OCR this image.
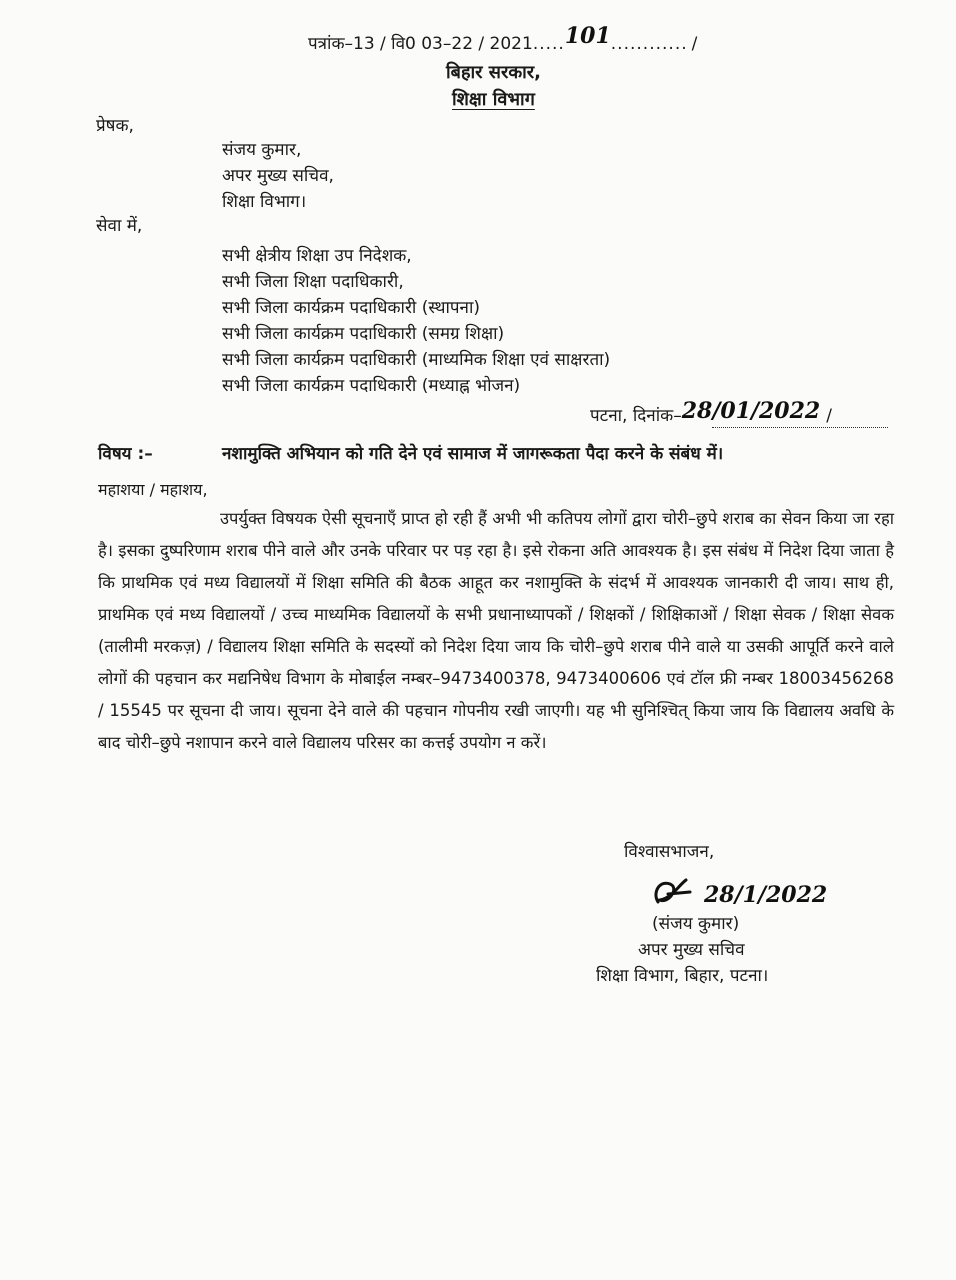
पत्रांक–13 / वि0 03–22 / 2021.....101............ /
बिहार सरकार,
शिक्षा विभाग
प्रेषक,
संजय कुमार,
अपर मुख्य सचिव,
शिक्षा विभाग।
सेवा में,
सभी क्षेत्रीय शिक्षा उप निदेशक,
सभी जिला शिक्षा पदाधिकारी,
सभी जिला कार्यक्रम पदाधिकारी (स्थापना)
सभी जिला कार्यक्रम पदाधिकारी (समग्र शिक्षा)
सभी जिला कार्यक्रम पदाधिकारी (माध्यमिक शिक्षा एवं साक्षरता)
सभी जिला कार्यक्रम पदाधिकारी (मध्याह्न भोजन)
पटना, दिनांक–28/01/2022 /
विषय :–	नशामुक्ति अभियान को गति देने एवं सामाज में जागरूकता पैदा करने के संबंध में।
महाशया / महाशय,
उपर्युक्त विषयक ऐसी सूचनाएँ प्राप्त हो रही हैं अभी भी कतिपय लोगों द्वारा चोरी–छुपे शराब का सेवन किया जा रहा है। इसका दुष्परिणाम शराब पीने वाले और उनके परिवार पर पड़ रहा है। इसे रोकना अति आवश्यक है। इस संबंध में निदेश दिया जाता है कि प्राथमिक एवं मध्य विद्यालयों में शिक्षा समिति की बैठक आहूत कर नशामुक्ति के संदर्भ में आवश्यक जानकारी दी जाय। साथ ही, प्राथमिक एवं मध्य विद्यालयों / उच्च माध्यमिक विद्यालयों के सभी प्रधानाध्यापकों / शिक्षकों / शिक्षिकाओं / शिक्षा सेवक / शिक्षा सेवक (तालीमी मरकज़) / विद्यालय शिक्षा समिति के सदस्यों को निदेश दिया जाय कि चोरी–छुपे शराब पीने वाले या उसकी आपूर्ति करने वाले लोगों की पहचान कर मद्यनिषेध विभाग के मोबाईल नम्बर–9473400378, 9473400606 एवं टॉल फ्री नम्बर 18003456268 / 15545 पर सूचना दी जाय। सूचना देने वाले की पहचान गोपनीय रखी जाएगी। यह भी सुनिश्चित् किया जाय कि विद्यालय अवधि के बाद चोरी–छुपे नशापान करने वाले विद्यालय परिसर का कत्तई उपयोग न करें।
विश्वासभाजन,
28/1/2022
(संजय कुमार)
अपर मुख्य सचिव
शिक्षा विभाग, बिहार, पटना।
